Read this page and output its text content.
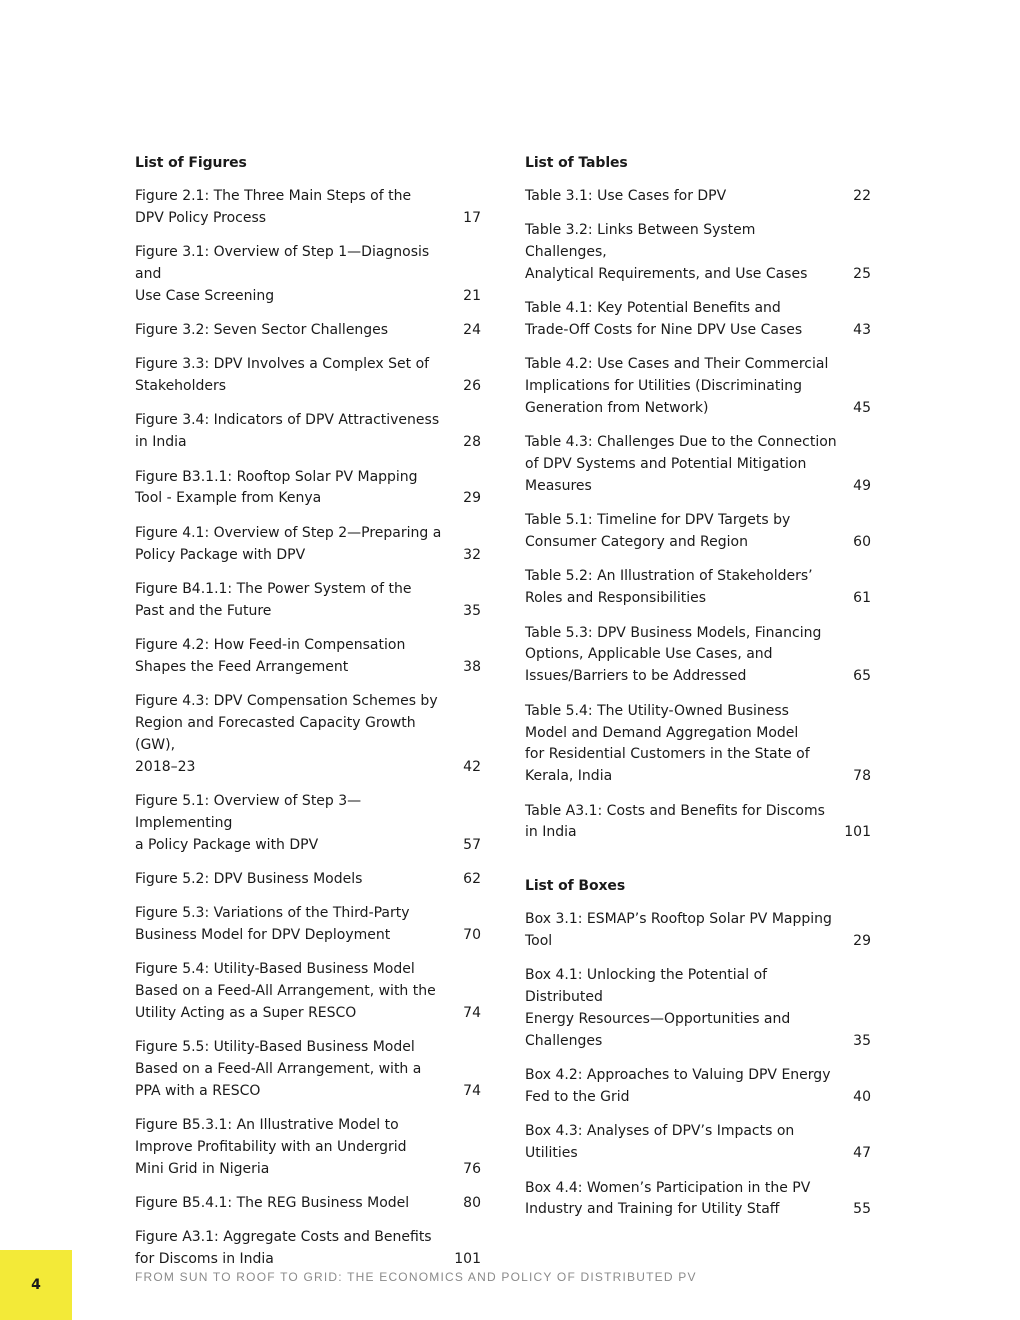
List of Figures
Figure 2.1: The Three Main Steps of the
DPV Policy Process	17
Figure 3.1: Overview of Step 1—Diagnosis and
Use Case Screening	21
Figure 3.2: Seven Sector Challenges	24
Figure 3.3: DPV Involves a Complex Set of
Stakeholders	26
Figure 3.4: Indicators of DPV Attractiveness
in India	28
Figure B3.1.1: Rooftop Solar PV Mapping
Tool - Example from Kenya	29
Figure 4.1: Overview of Step 2—Preparing a
Policy Package with DPV	32
Figure B4.1.1: The Power System of the
Past and the Future	35
Figure 4.2: How Feed-in Compensation
Shapes the Feed Arrangement	38
Figure 4.3: DPV Compensation Schemes by
Region and Forecasted Capacity Growth (GW),
2018–23	42
Figure 5.1: Overview of Step 3—Implementing
a Policy Package with DPV	57
Figure 5.2: DPV Business Models	62
Figure 5.3: Variations of the Third-Party
Business Model for DPV Deployment	70
Figure 5.4: Utility-Based Business Model
Based on a Feed-All Arrangement, with the
Utility Acting as a Super RESCO	74
Figure 5.5: Utility-Based Business Model
Based on a Feed-All Arrangement, with a
PPA with a RESCO	74
Figure B5.3.1: An Illustrative Model to
Improve Profitability with an Undergrid
Mini Grid in Nigeria	76
Figure B5.4.1: The REG Business Model	80
Figure A3.1: Aggregate Costs and Benefits
for Discoms in India	101
List of Tables
Table 3.1: Use Cases for DPV	22
Table 3.2: Links Between System Challenges,
Analytical Requirements, and Use Cases	25
Table 4.1: Key Potential Benefits and
Trade-Off Costs for Nine DPV Use Cases	43
Table 4.2: Use Cases and Their Commercial
Implications for Utilities (Discriminating
Generation from Network)	45
Table 4.3: Challenges Due to the Connection
of DPV Systems and Potential Mitigation
Measures	49
Table 5.1: Timeline for DPV Targets by
Consumer Category and Region	60
Table 5.2: An Illustration of Stakeholders’
Roles and Responsibilities	61
Table 5.3: DPV Business Models, Financing
Options, Applicable Use Cases, and
Issues/Barriers to be Addressed	65
Table 5.4: The Utility-Owned Business
Model and Demand Aggregation Model
for Residential Customers in the State of
Kerala, India	78
Table A3.1: Costs and Benefits for Discoms
in India	101
List of Boxes
Box 3.1: ESMAP’s Rooftop Solar PV Mapping
Tool	29
Box 4.1: Unlocking the Potential of Distributed
Energy Resources—Opportunities and
Challenges	35
Box 4.2: Approaches to Valuing DPV Energy
Fed to the Grid	40
Box 4.3: Analyses of DPV’s Impacts on
Utilities	47
Box 4.4: Women’s Participation in the PV
Industry and Training for Utility Staff	55
4	FROM SUN TO ROOF TO GRID: THE ECONOMICS AND POLICY OF DISTRIBUTED PV
